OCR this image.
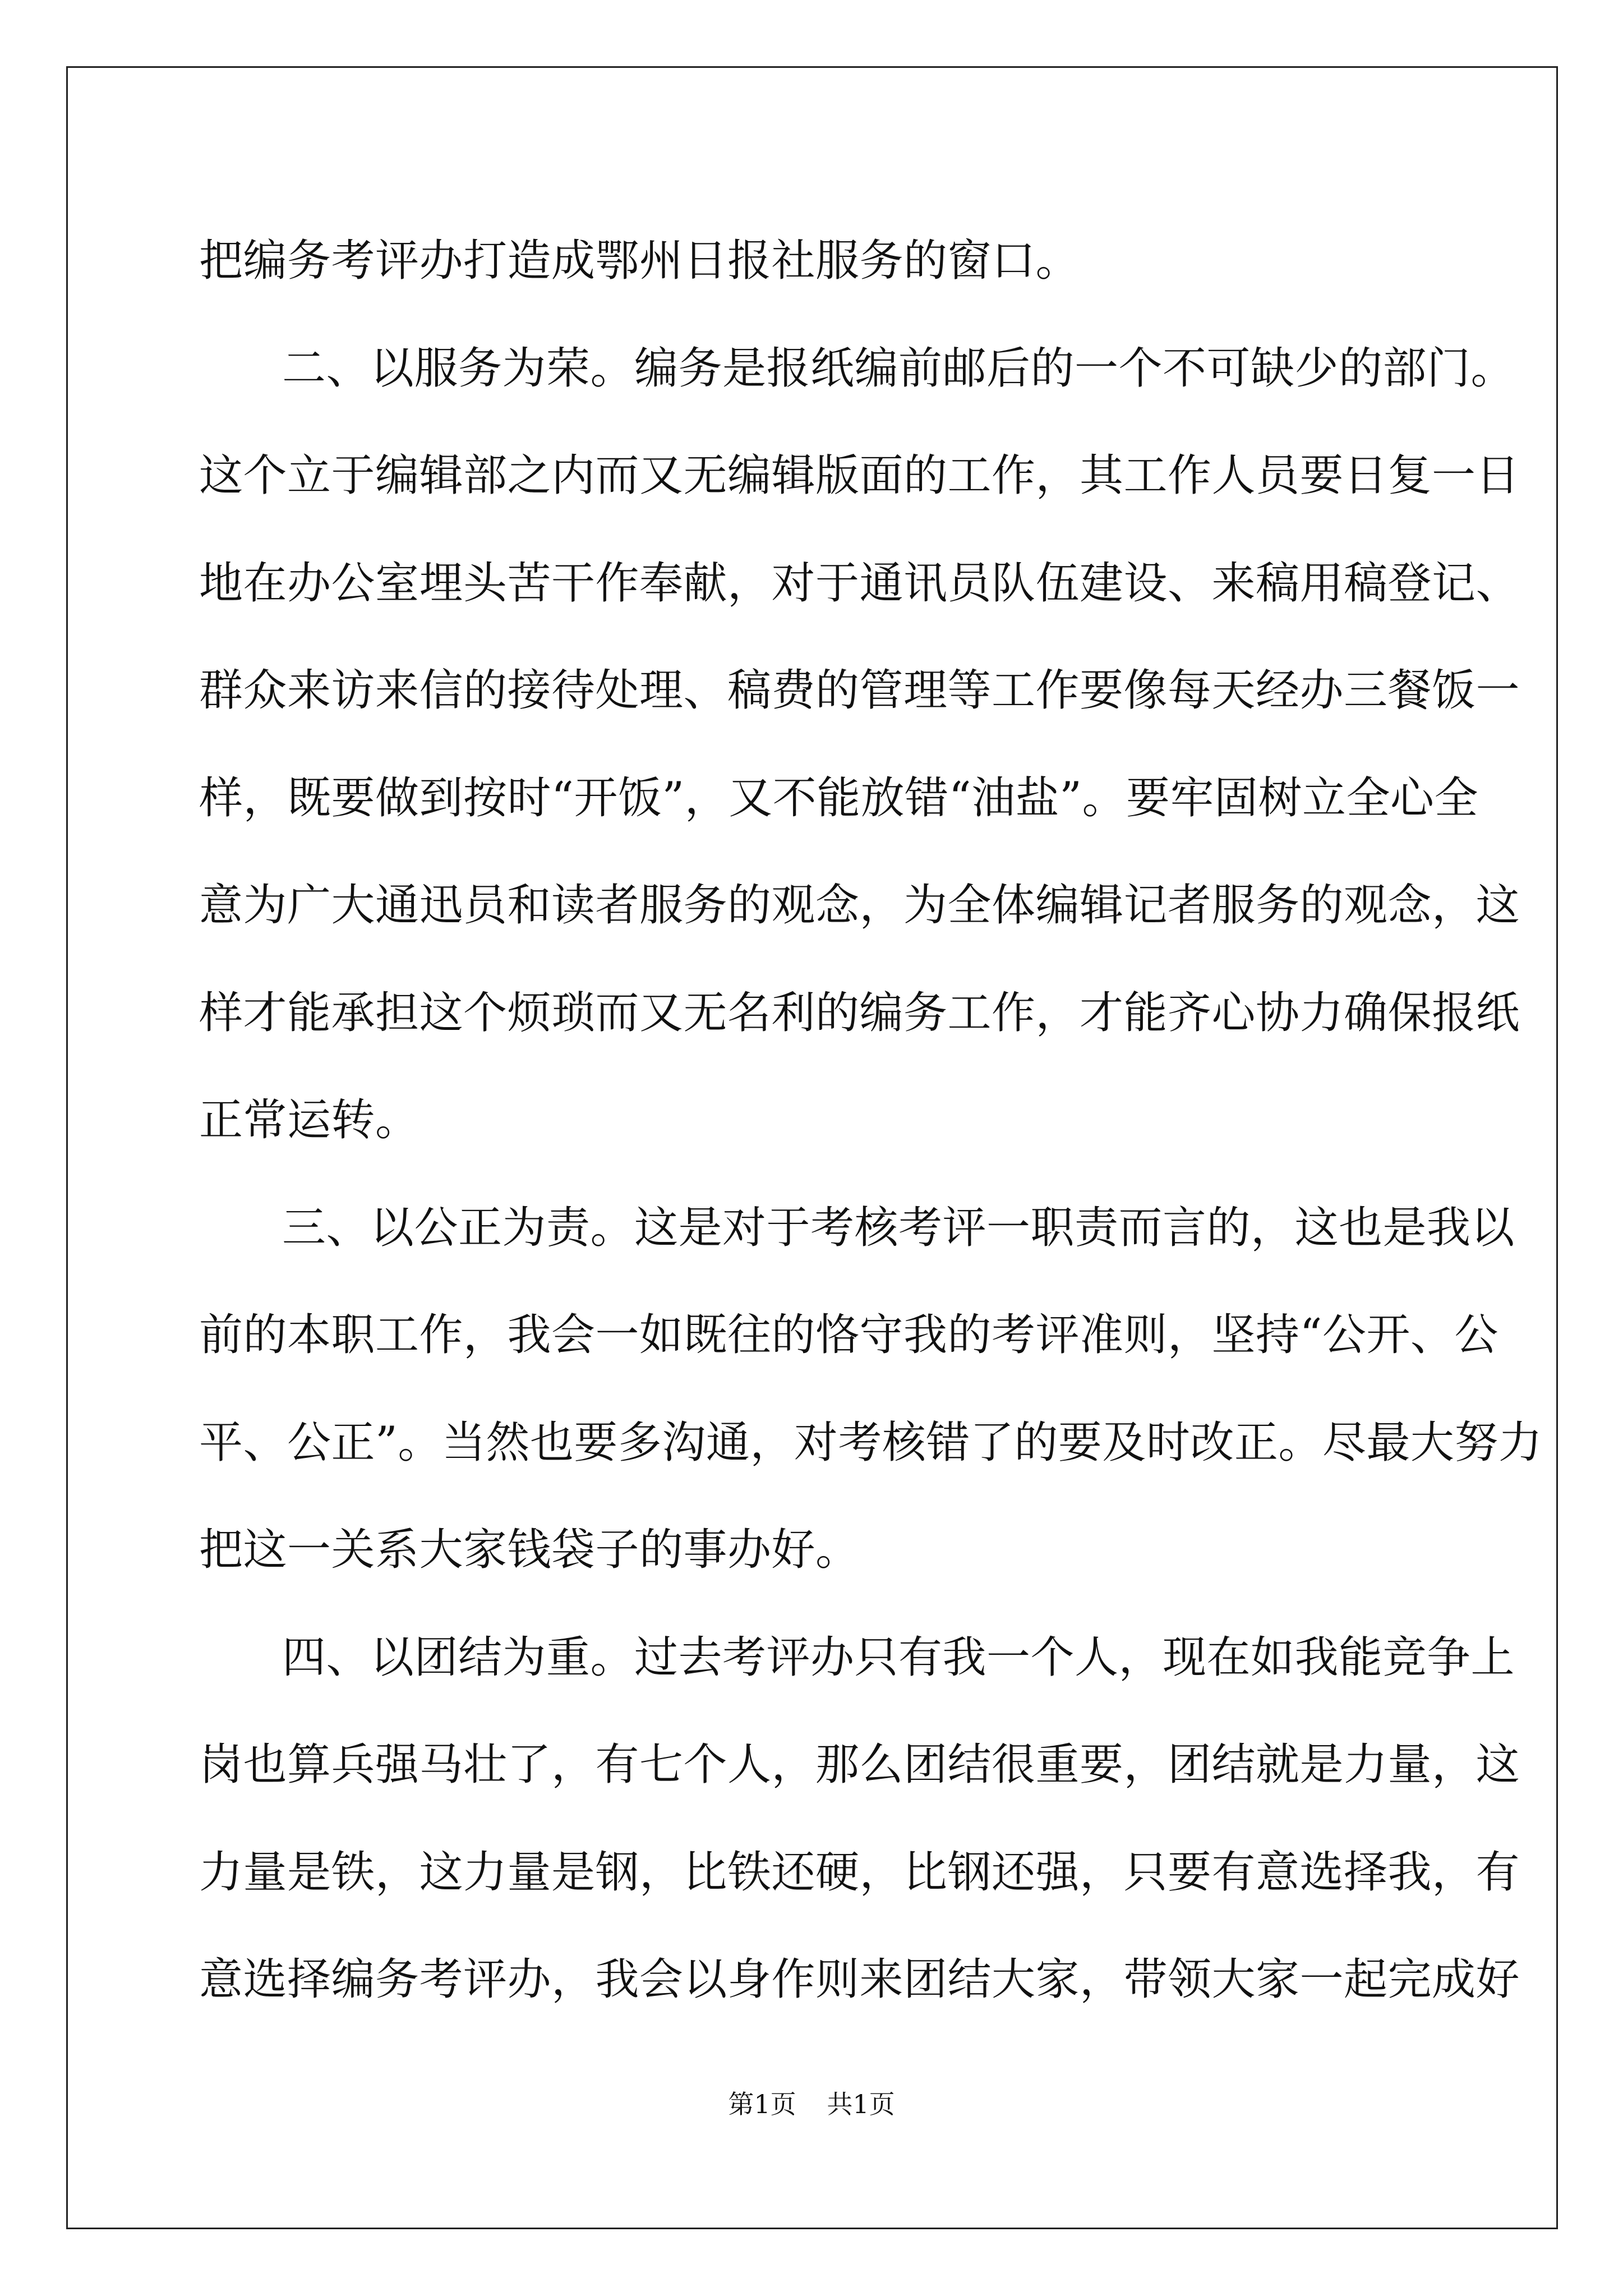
把编务考评办打造成鄂州日报社服务的窗口。
二、以服务为荣。编务是报纸编前邮后的一个不可缺少的部门。
这个立于编辑部之内而又无编辑版面的工作，其工作人员要日复一日
地在办公室埋头苦干作奉献，对于通讯员队伍建设、来稿用稿登记、
群众来访来信的接待处理、稿费的管理等工作要像每天经办三餐饭一
样，既要做到按时“开饭”，又不能放错“油盐”。要牢固树立全心全
意为广大通迅员和读者服务的观念，为全体编辑记者服务的观念，这
样才能承担这个烦琐而又无名利的编务工作，才能齐心协力确保报纸
正常运转。
三、以公正为责。这是对于考核考评一职责而言的，这也是我以
前的本职工作，我会一如既往的恪守我的考评准则，坚持“公开、公
平、公正”。当然也要多沟通，对考核错了的要及时改正。尽最大努力
把这一关系大家钱袋子的事办好。
四、以团结为重。过去考评办只有我一个人，现在如我能竞争上
岗也算兵强马壮了，有七个人，那么团结很重要，团结就是力量，这
力量是铁，这力量是钢，比铁还硬，比钢还强，只要有意选择我，有
意选择编务考评办，我会以身作则来团结大家，带领大家一起完成好
第1页 共1页
